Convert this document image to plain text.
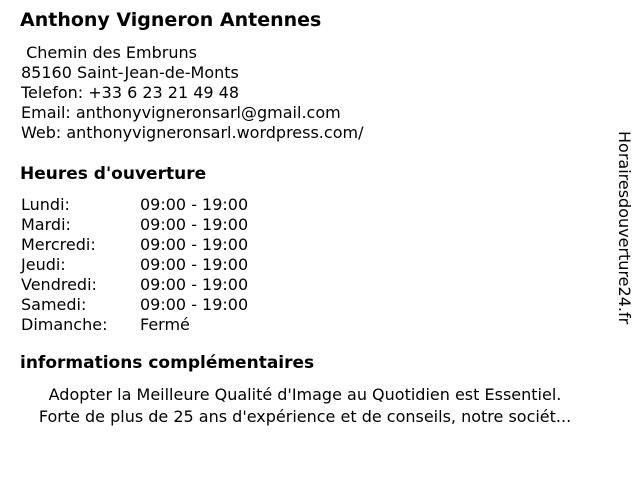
Anthony Vigneron Antennes
Chemin des Embruns
85160 Saint-Jean-de-Monts
Telefon: +33 6 23 21 49 48
Email: anthonyvigneronsarl@gmail.com
Web: anthonyvigneronsarl.wordpress.com/
Heures d'ouverture
Lundi:	09:00 - 19:00
Mardi:	09:00 - 19:00
Mercredi:	09:00 - 19:00
Jeudi:	09:00 - 19:00
Vendredi:	09:00 - 19:00
Samedi:	09:00 - 19:00
Dimanche:	Fermé
informations complémentaires
Adopter la Meilleure Qualité d'Image au Quotidien est Essentiel.
Forte de plus de 25 ans d'expérience et de conseils, notre sociét...
Horairesdouverture24.fr
